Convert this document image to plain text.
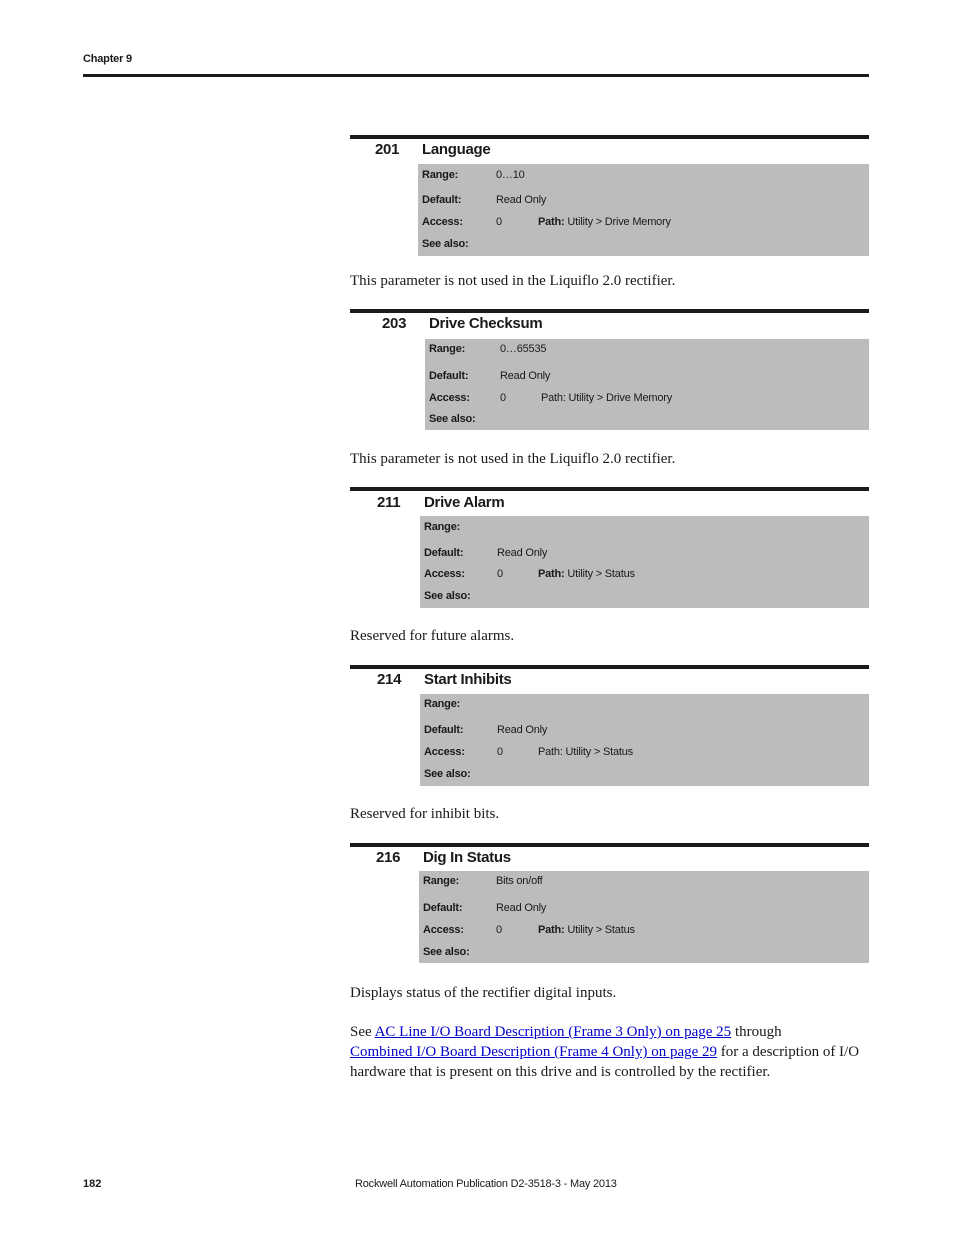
Chapter 9
201 Language
Range:	0…10
Default:	Read Only
Access:	0	Path: Utility > Drive Memory
See also:
This parameter is not used in the Liquiflo 2.0 rectifier.
203 Drive Checksum
Range:	0…65535
Default:	Read Only
Access:	0	Path: Utility > Drive Memory
See also:
This parameter is not used in the Liquiflo 2.0 rectifier.
211 Drive Alarm
Range:
Default:	Read Only
Access:	0	Path: Utility > Status
See also:
Reserved for future alarms.
214 Start Inhibits
Range:
Default:	Read Only
Access:	0	Path: Utility > Status
See also:
Reserved for inhibit bits.
216 Dig In Status
Range:	Bits on/off
Default:	Read Only
Access:	0	Path: Utility > Status
See also:
Displays status of the rectifier digital inputs.
See AC Line I/O Board Description (Frame 3 Only) on page 25 through
Combined I/O Board Description (Frame 4 Only) on page 29 for a description of I/O hardware that is present on this drive and is controlled by the rectifier.
182	Rockwell Automation Publication D2-3518-3 - May 2013
